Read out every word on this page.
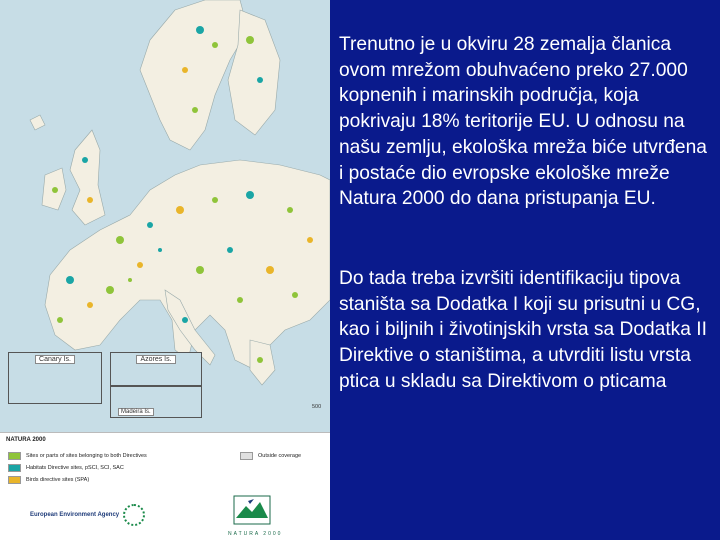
Canary Is.	Azores Is.
Madeira Is.
500
NATURA 2000
Sites or parts of sites belonging to both Directives
Habitats Directive sites, pSCI, SCI, SAC
Birds directive sites (SPA)
Outside coverage
European Environment Agency
NATURA 2000
Trenutno je u okviru 28 zemalja članica ovom mrežom obuhvaćeno preko 27.000 kopnenih i marinskih područja, koja pokrivaju 18% teritorije EU. U odnosu na našu zemlju, ekološka mreža biće utvrđena i postaće dio evropske ekološke mreže Natura 2000 do dana pristupanja EU.
Do tada treba izvršiti identifikaciju tipova staništa sa Dodatka I koji su prisutni u CG, kao i biljnih i životinjskih vrsta sa Dodatka II Direktive o staništima, a utvrditi listu vrsta ptica u skladu sa Direktivom o pticama
